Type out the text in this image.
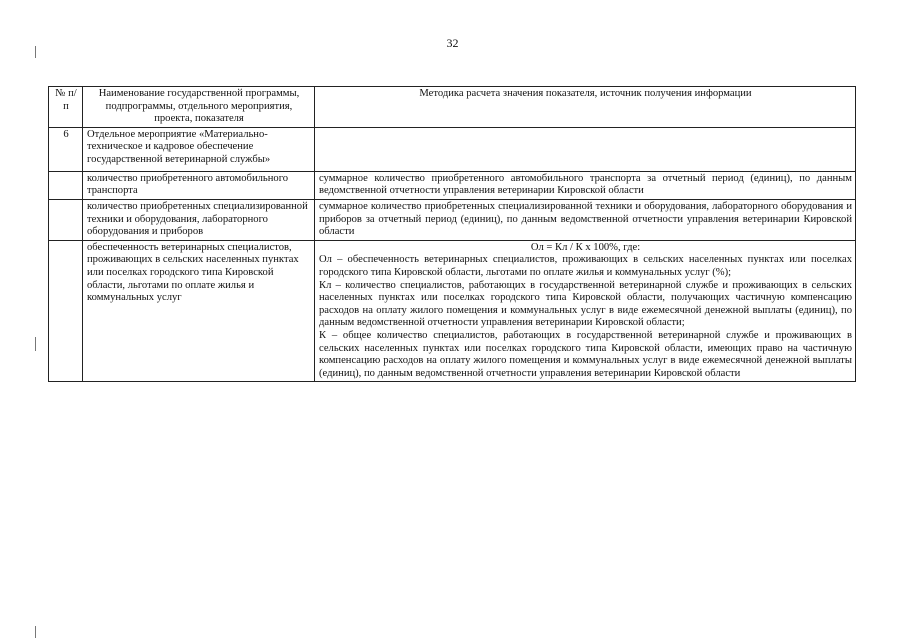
32
№ п/п	Наименование государственной программы, подпрограммы, отдельного мероприятия, проекта, показателя	Методика расчета значения показателя, источник получения информации
6	Отдельное мероприятие «Материально-техническое и кадровое обеспечение государственной ветеринарной службы»	
	количество приобретенного автомобильного транспорта	суммарное количество приобретенного автомобильного транспорта за отчетный период (единиц), по данным ведомственной отчетности управления ветеринарии Кировской области
	количество приобретенных специализированной техники и оборудования, лабораторного оборудования и приборов	суммарное количество приобретенных специализированной техники и оборудования, лабораторного оборудования и приборов за отчетный период (единиц), по данным ведомственной отчетности управления ветеринарии Кировской области
	обеспеченность ветеринарных специалистов, проживающих в сельских населенных пунктах или поселках городского типа Кировской области, льготами по оплате жилья и коммунальных услуг	Ол = Кл / К х 100%, где:
Ол – обеспеченность ветеринарных специалистов, проживающих в сельских населенных пунктах или поселках городского типа Кировской области, льготами по оплате жилья и коммунальных услуг (%);
Кл – количество специалистов, работающих в государственной ветеринарной службе и проживающих в сельских населенных пунктах или поселках городского типа Кировской области, получающих частичную компенсацию расходов на оплату жилого помещения и коммунальных услуг в виде ежемесячной денежной выплаты (единиц), по данным ведомственной отчетности управления ветеринарии Кировской области;
К – общее количество специалистов, работающих в государственной ветеринарной службе и проживающих в сельских населенных пунктах или поселках городского типа Кировской области, имеющих право на частичную компенсацию расходов на оплату жилого помещения и коммунальных услуг в виде ежемесячной денежной выплаты (единиц), по данным ведомственной отчетности управления ветеринарии Кировской области
